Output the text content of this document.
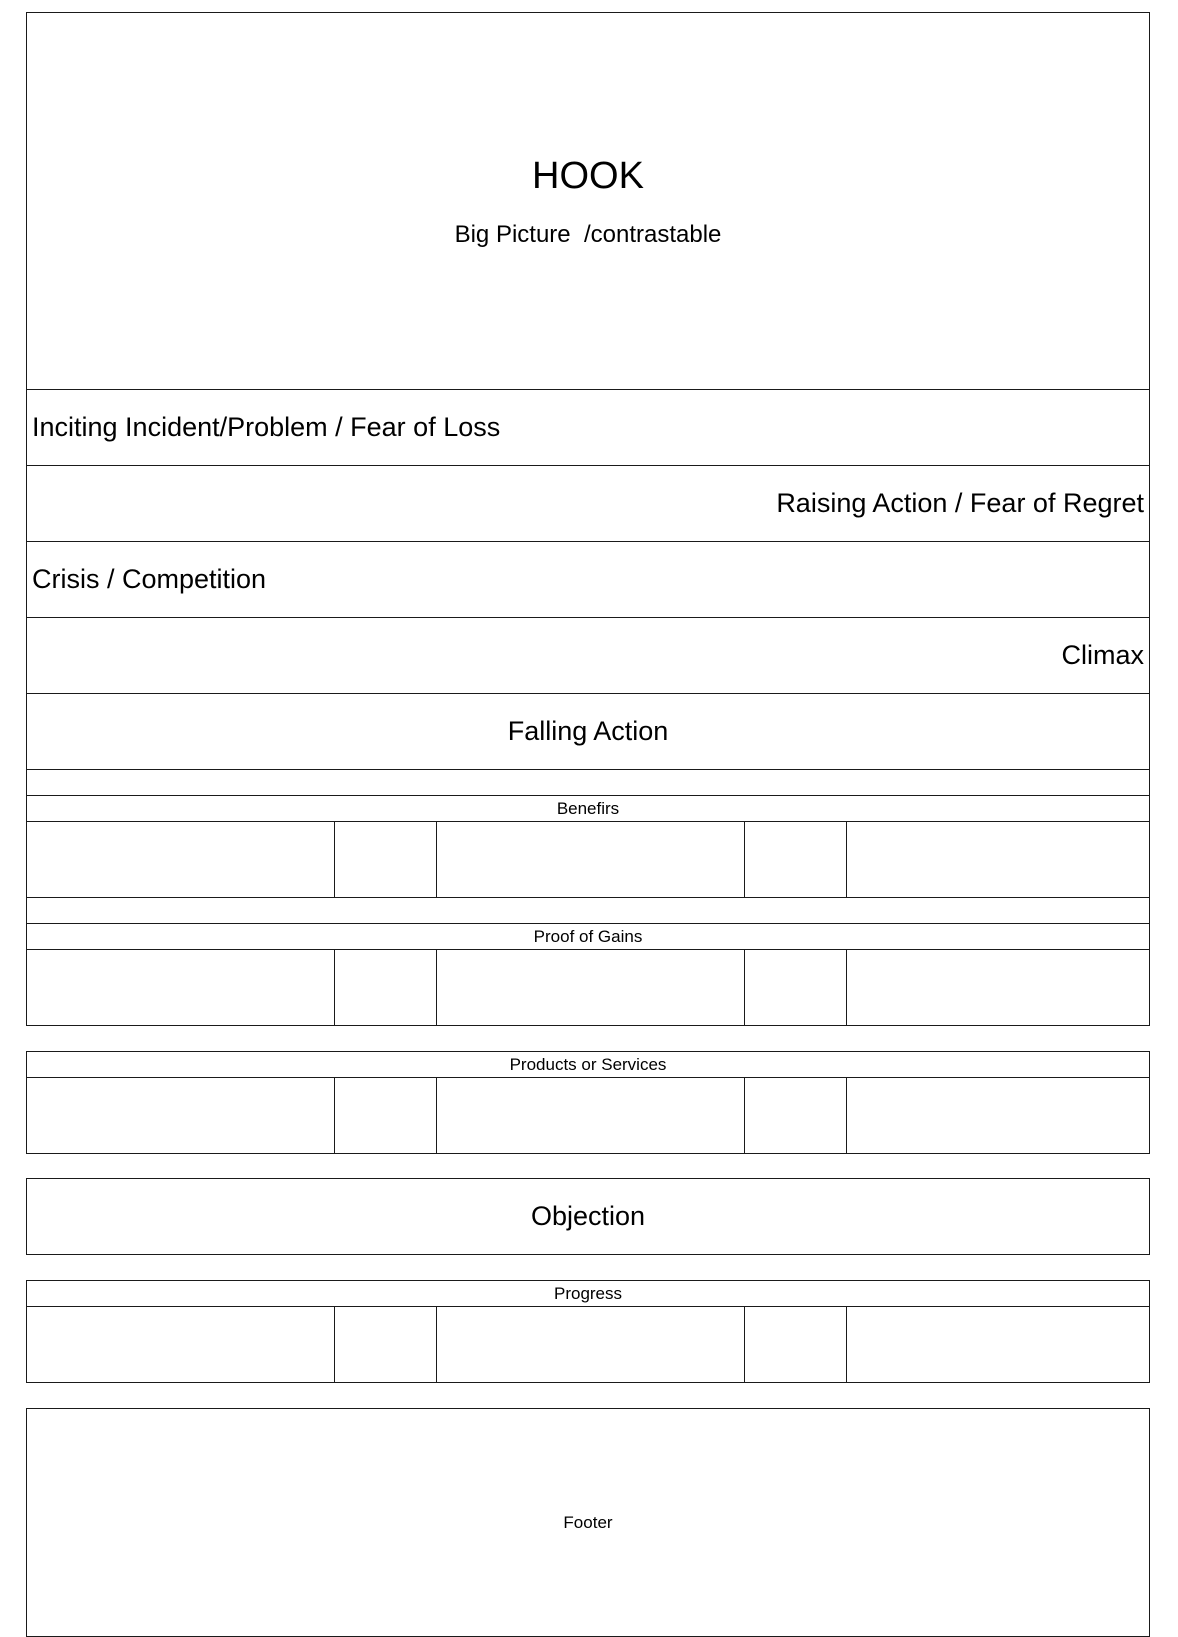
HOOK
Big Picture  /contrastable
Inciting Incident/Problem / Fear of Loss
Raising Action / Fear of Regret
Crisis / Competition
Climax
Falling Action
Benefirs
Proof of Gains
Products or Services
Objection
Progress
Footer
